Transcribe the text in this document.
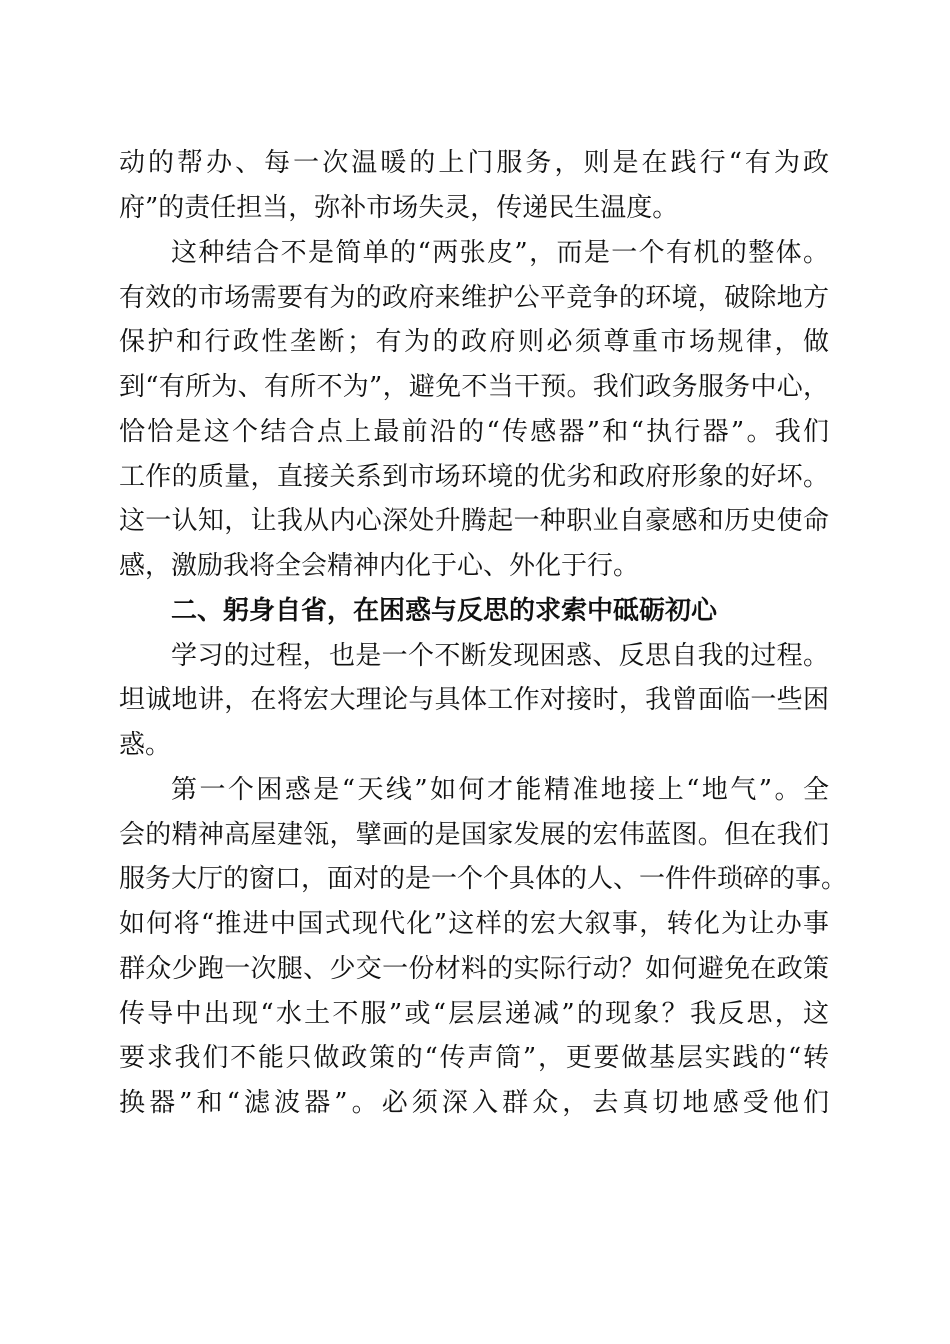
动的帮办、每一次温暖的上门服务，则是在践行“有为政
府”的责任担当，弥补市场失灵，传递民生温度。
这种结合不是简单的“两张皮”，而是一个有机的整体。
有效的市场需要有为的政府来维护公平竞争的环境，破除地方
保护和行政性垄断；有为的政府则必须尊重市场规律，做
到“有所为、有所不为”，避免不当干预。我们政务服务中心，
恰恰是这个结合点上最前沿的“传感器”和“执行器”。我们
工作的质量，直接关系到市场环境的优劣和政府形象的好坏。
这一认知，让我从内心深处升腾起一种职业自豪感和历史使命
感，激励我将全会精神内化于心、外化于行。
二、躬身自省，在困惑与反思的求索中砥砺初心
学习的过程，也是一个不断发现困惑、反思自我的过程。
坦诚地讲，在将宏大理论与具体工作对接时，我曾面临一些困
惑。
第一个困惑是“天线”如何才能精准地接上“地气”。全
会的精神高屋建瓴，擘画的是国家发展的宏伟蓝图。但在我们
服务大厅的窗口，面对的是一个个具体的人、一件件琐碎的事。
如何将“推进中国式现代化”这样的宏大叙事，转化为让办事
群众少跑一次腿、少交一份材料的实际行动？如何避免在政策
传导中出现“水土不服”或“层层递减”的现象？我反思，这
要求我们不能只做政策的“传声筒”，更要做基层实践的“转
换器”和“滤波器”。必须深入群众，去真切地感受他们
